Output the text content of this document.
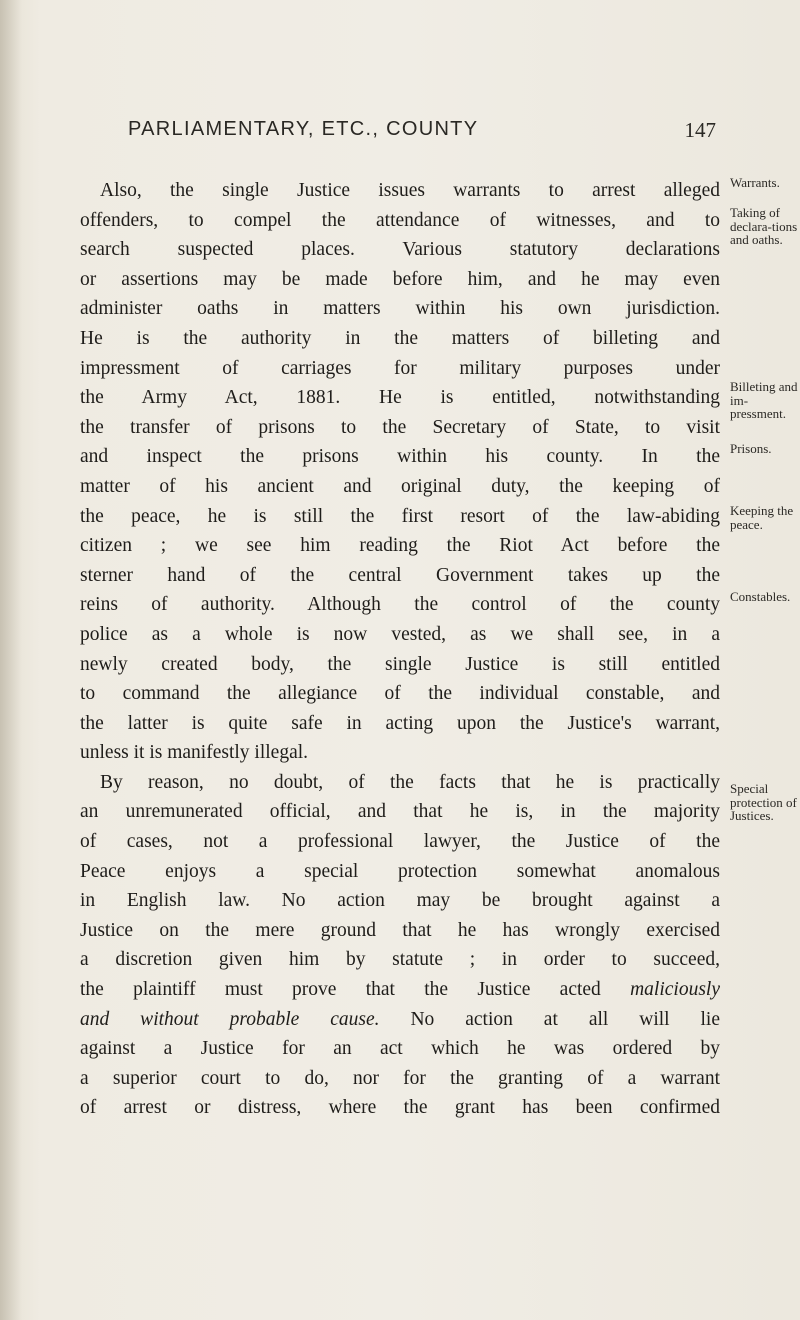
PARLIAMENTARY, ETC., COUNTY	147
Also, the single Justice issues warrants to arrest alleged
offenders, to compel the attendance of witnesses, and to
search suspected places. Various statutory declarations
or assertions may be made before him, and he may even
administer oaths in matters within his own jurisdiction.
He is the authority in the matters of billeting and
impressment of carriages for military purposes under
the Army Act, 1881. He is entitled, notwithstanding
the transfer of prisons to the Secretary of State, to visit
and inspect the prisons within his county. In the
matter of his ancient and original duty, the keeping of
the peace, he is still the first resort of the law-abiding
citizen ; we see him reading the Riot Act before the
sterner hand of the central Government takes up the
reins of authority. Although the control of the county
police as a whole is now vested, as we shall see, in a
newly created body, the single Justice is still entitled
to command the allegiance of the individual constable, and
the latter is quite safe in acting upon the Justice's warrant,
unless it is manifestly illegal.
By reason, no doubt, of the facts that he is practically
an unremunerated official, and that he is, in the majority
of cases, not a professional lawyer, the Justice of the
Peace enjoys a special protection somewhat anomalous
in English law. No action may be brought against a
Justice on the mere ground that he has wrongly exercised
a discretion given him by statute ; in order to succeed,
the plaintiff must prove that the Justice acted maliciously
and without probable cause. No action at all will lie
against a Justice for an act which he was ordered by
a superior court to do, nor for the granting of a warrant
of arrest or distress, where the grant has been confirmed
Warrants.
Taking of declara-tions and oaths.
Billeting and im-pressment.
Prisons.
Keeping the peace.
Constables.
Special protection of Justices.
